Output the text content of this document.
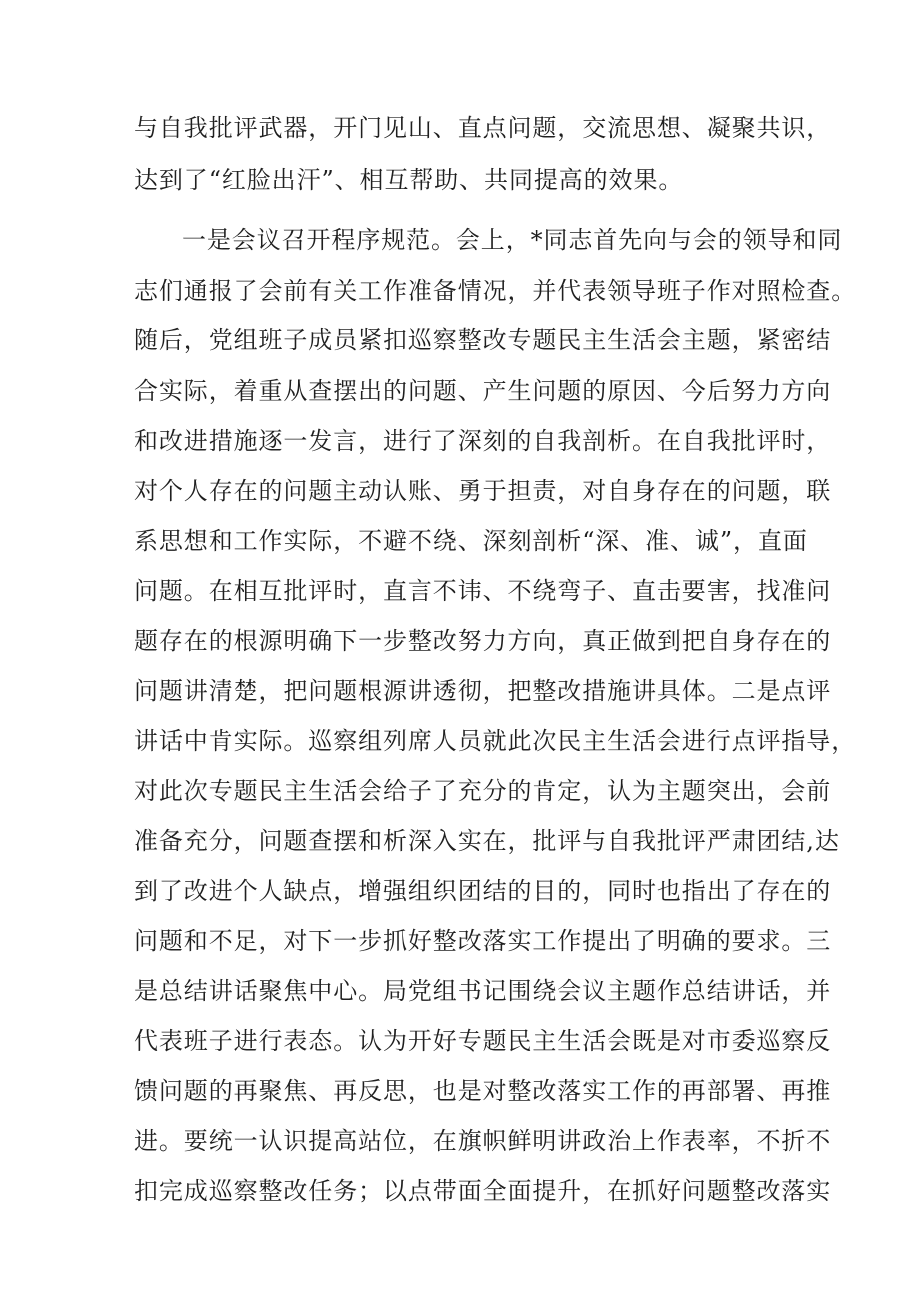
与自我批评武器，开门见山、直点问题，交流思想、凝聚共识，
达到了“红脸出汗”、相互帮助、共同提高的效果。
一是会议召开程序规范。会上，*同志首先向与会的领导和同
志们通报了会前有关工作准备情况，并代表领导班子作对照检查。
随后，党组班子成员紧扣巡察整改专题民主生活会主题，紧密结
合实际，着重从查摆出的问题、产生问题的原因、今后努力方向
和改进措施逐一发言，进行了深刻的自我剖析。在自我批评时，
对个人存在的问题主动认账、勇于担责，对自身存在的问题，联
系思想和工作实际，不避不绕、深刻剖析“深、准、诚”，直面
问题。在相互批评时，直言不讳、不绕弯子、直击要害，找准问
题存在的根源明确下一步整改努力方向，真正做到把自身存在的
问题讲清楚，把问题根源讲透彻，把整改措施讲具体。二是点评
讲话中肯实际。巡察组列席人员就此次民主生活会进行点评指导，
对此次专题民主生活会给子了充分的肯定，认为主题突出，会前
准备充分，问题查摆和析深入实在，批评与自我批评严肃团结,达
到了改进个人缺点，增强组织团结的目的，同时也指出了存在的
问题和不足，对下一步抓好整改落实工作提出了明确的要求。三
是总结讲话聚焦中心。局党组书记围绕会议主题作总结讲话，并
代表班子进行表态。认为开好专题民主生活会既是对市委巡察反
馈问题的再聚焦、再反思，也是对整改落实工作的再部署、再推
进。要统一认识提高站位，在旗帜鲜明讲政治上作表率，不折不
扣完成巡察整改任务；以点带面全面提升，在抓好问题整改落实
